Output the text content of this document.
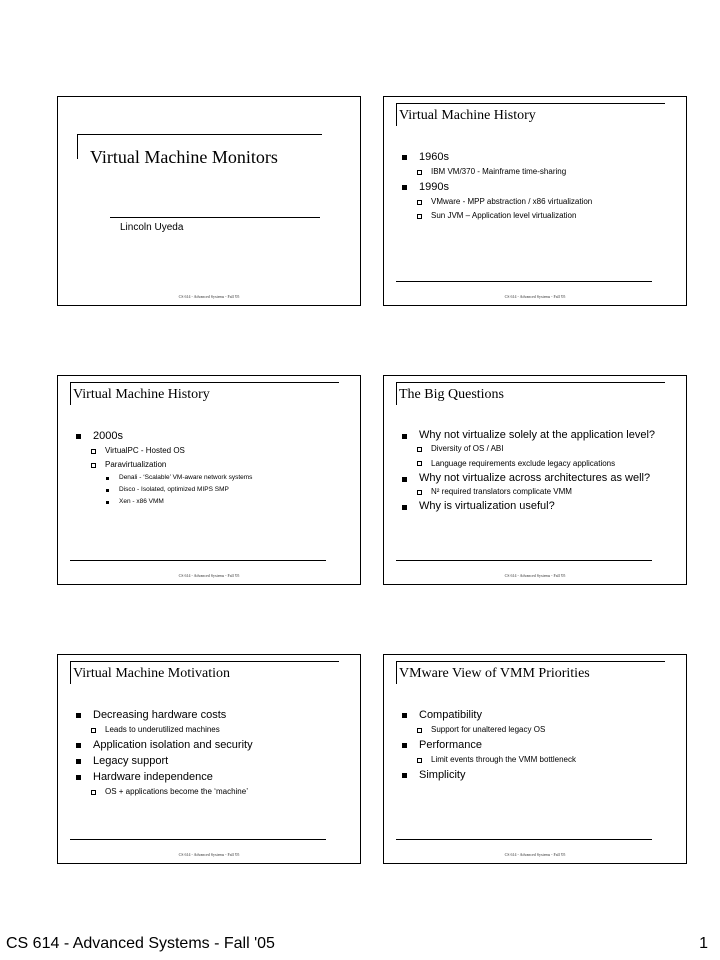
Virtual Machine Monitors
Lincoln Uyeda
CS 614 - Advanced Systems - Fall '05
Virtual Machine History
1960s
IBM VM/370 - Mainframe time-sharing
1990s
VMware - MPP abstraction / x86 virtualization
Sun JVM – Application level virtualization
CS 614 - Advanced Systems - Fall '05
Virtual Machine History
2000s
VirtualPC - Hosted OS
Paravirtualization
Denali - ‘Scalable’ VM-aware network systems
Disco - Isolated, optimized MIPS SMP
Xen - x86 VMM
CS 614 - Advanced Systems - Fall '05
The Big Questions
Why not virtualize solely at the application level?
Diversity of OS / ABI
Language requirements exclude legacy applications
Why not virtualize across architectures as well?
N² required translators complicate VMM
Why is virtualization useful?
CS 614 - Advanced Systems - Fall '05
Virtual Machine Motivation
Decreasing hardware costs
Leads to underutilized machines
Application isolation and security
Legacy support
Hardware independence
OS + applications become the ‘machine’
CS 614 - Advanced Systems - Fall '05
VMware View of VMM Priorities
Compatibility
Support for unaltered legacy OS
Performance
Limit events through the VMM bottleneck
Simplicity
CS 614 - Advanced Systems - Fall '05
CS 614 - Advanced Systems - Fall '05	1
